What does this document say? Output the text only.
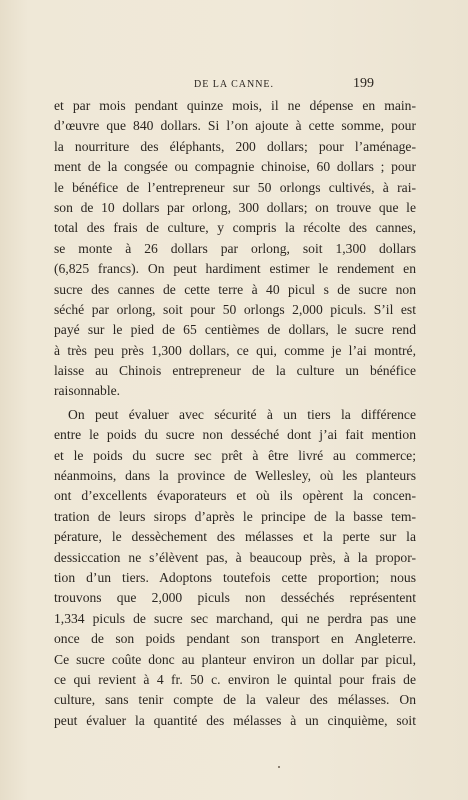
DE LA CANNE.	199
et par mois pendant quinze mois, il ne dépense en main-
d’œuvre que 840 dollars. Si l’on ajoute à cette somme, pour
la nourriture des éléphants, 200 dollars; pour l’aménage-
ment de la congsée ou compagnie chinoise, 60 dollars ; pour
le bénéfice de l’entrepreneur sur 50 orlongs cultivés, à rai-
son de 10 dollars par orlong, 300 dollars; on trouve que le
total des frais de culture, y compris la récolte des cannes,
se monte à 26 dollars par orlong, soit 1,300 dollars
(6,825 francs). On peut hardiment estimer le rendement en
sucre des cannes de cette terre à 40 picul s de sucre non
séché par orlong, soit pour 50 orlongs 2,000 piculs. S’il est
payé sur le pied de 65 centièmes de dollars, le sucre rend
à très peu près 1,300 dollars, ce qui, comme je l’ai montré,
laisse au Chinois entrepreneur de la culture un bénéfice
raisonnable.
On peut évaluer avec sécurité à un tiers la différence
entre le poids du sucre non desséché dont j’ai fait mention
et le poids du sucre sec prêt à être livré au commerce;
néanmoins, dans la province de Wellesley, où les planteurs
ont d’excellents évaporateurs et où ils opèrent la concen-
tration de leurs sirops d’après le principe de la basse tem-
pérature, le dessèchement des mélasses et la perte sur la
dessiccation ne s’élèvent pas, à beaucoup près, à la propor-
tion d’un tiers. Adoptons toutefois cette proportion; nous
trouvons que 2,000 piculs non desséchés représentent
1,334 piculs de sucre sec marchand, qui ne perdra pas une
once de son poids pendant son transport en Angleterre.
Ce sucre coûte donc au planteur environ un dollar par picul,
ce qui revient à 4 fr. 50 c. environ le quintal pour frais de
culture, sans tenir compte de la valeur des mélasses. On
peut évaluer la quantité des mélasses à un cinquième, soit
